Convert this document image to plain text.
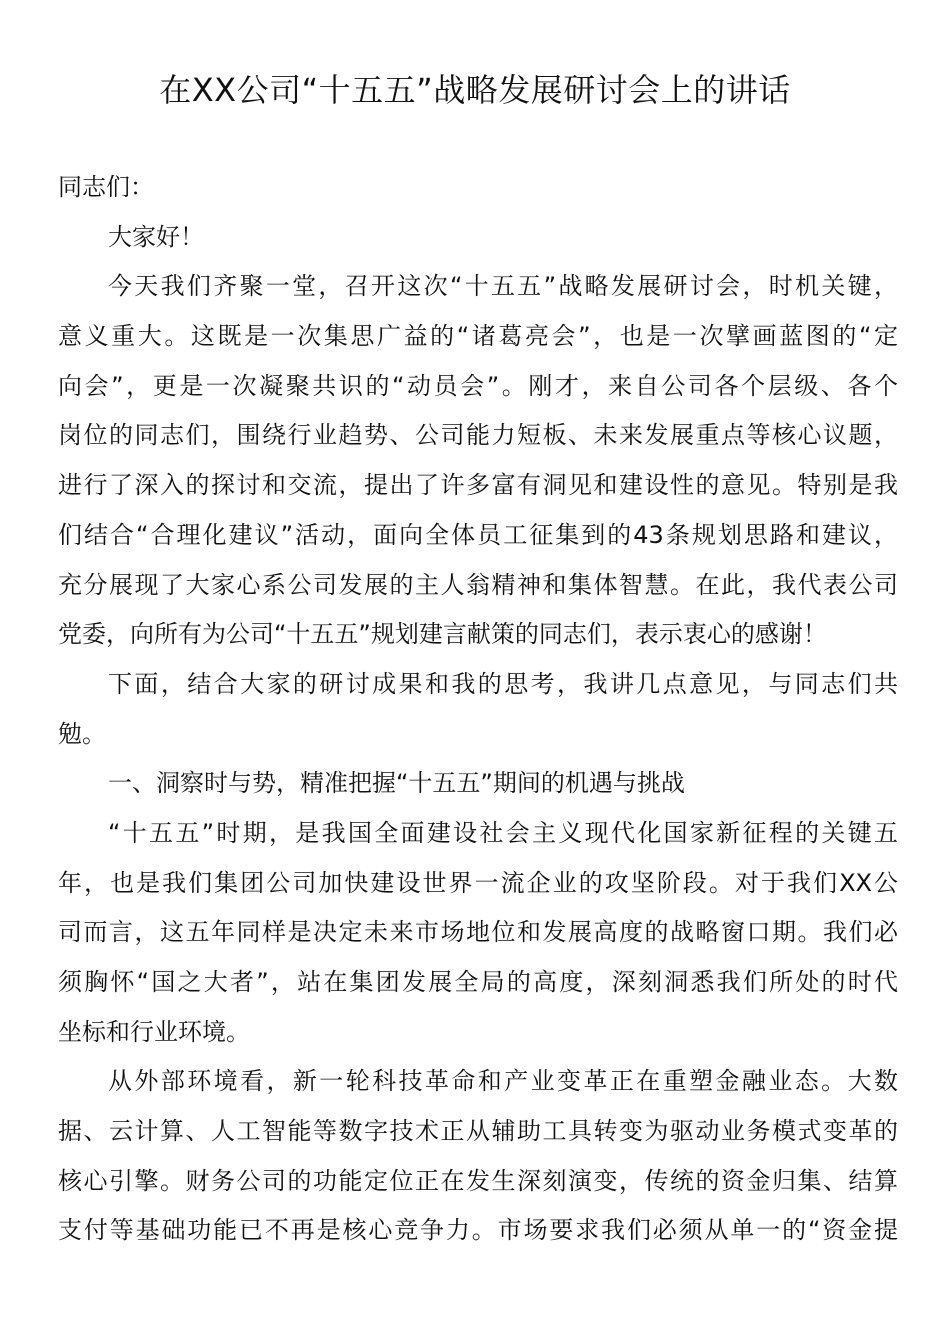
在XX公司“十五五”战略发展研讨会上的讲话
同志们：
大家好！
今天我们齐聚一堂，召开这次“十五五”战略发展研讨会，时机关键，
意义重大。这既是一次集思广益的“诸葛亮会”，也是一次擘画蓝图的“定
向会”，更是一次凝聚共识的“动员会”。刚才，来自公司各个层级、各个
岗位的同志们，围绕行业趋势、公司能力短板、未来发展重点等核心议题，
进行了深入的探讨和交流，提出了许多富有洞见和建设性的意见。特别是我
们结合“合理化建议”活动，面向全体员工征集到的43条规划思路和建议，
充分展现了大家心系公司发展的主人翁精神和集体智慧。在此，我代表公司
党委，向所有为公司“十五五”规划建言献策的同志们，表示衷心的感谢！
下面，结合大家的研讨成果和我的思考，我讲几点意见，与同志们共
勉。
一、洞察时与势，精准把握“十五五”期间的机遇与挑战
“十五五”时期，是我国全面建设社会主义现代化国家新征程的关键五
年，也是我们集团公司加快建设世界一流企业的攻坚阶段。对于我们XX公
司而言，这五年同样是决定未来市场地位和发展高度的战略窗口期。我们必
须胸怀“国之大者”，站在集团发展全局的高度，深刻洞悉我们所处的时代
坐标和行业环境。
从外部环境看，新一轮科技革命和产业变革正在重塑金融业态。大数
据、云计算、人工智能等数字技术正从辅助工具转变为驱动业务模式变革的
核心引擎。财务公司的功能定位正在发生深刻演变，传统的资金归集、结算
支付等基础功能已不再是核心竞争力。市场要求我们必须从单一的“资金提
